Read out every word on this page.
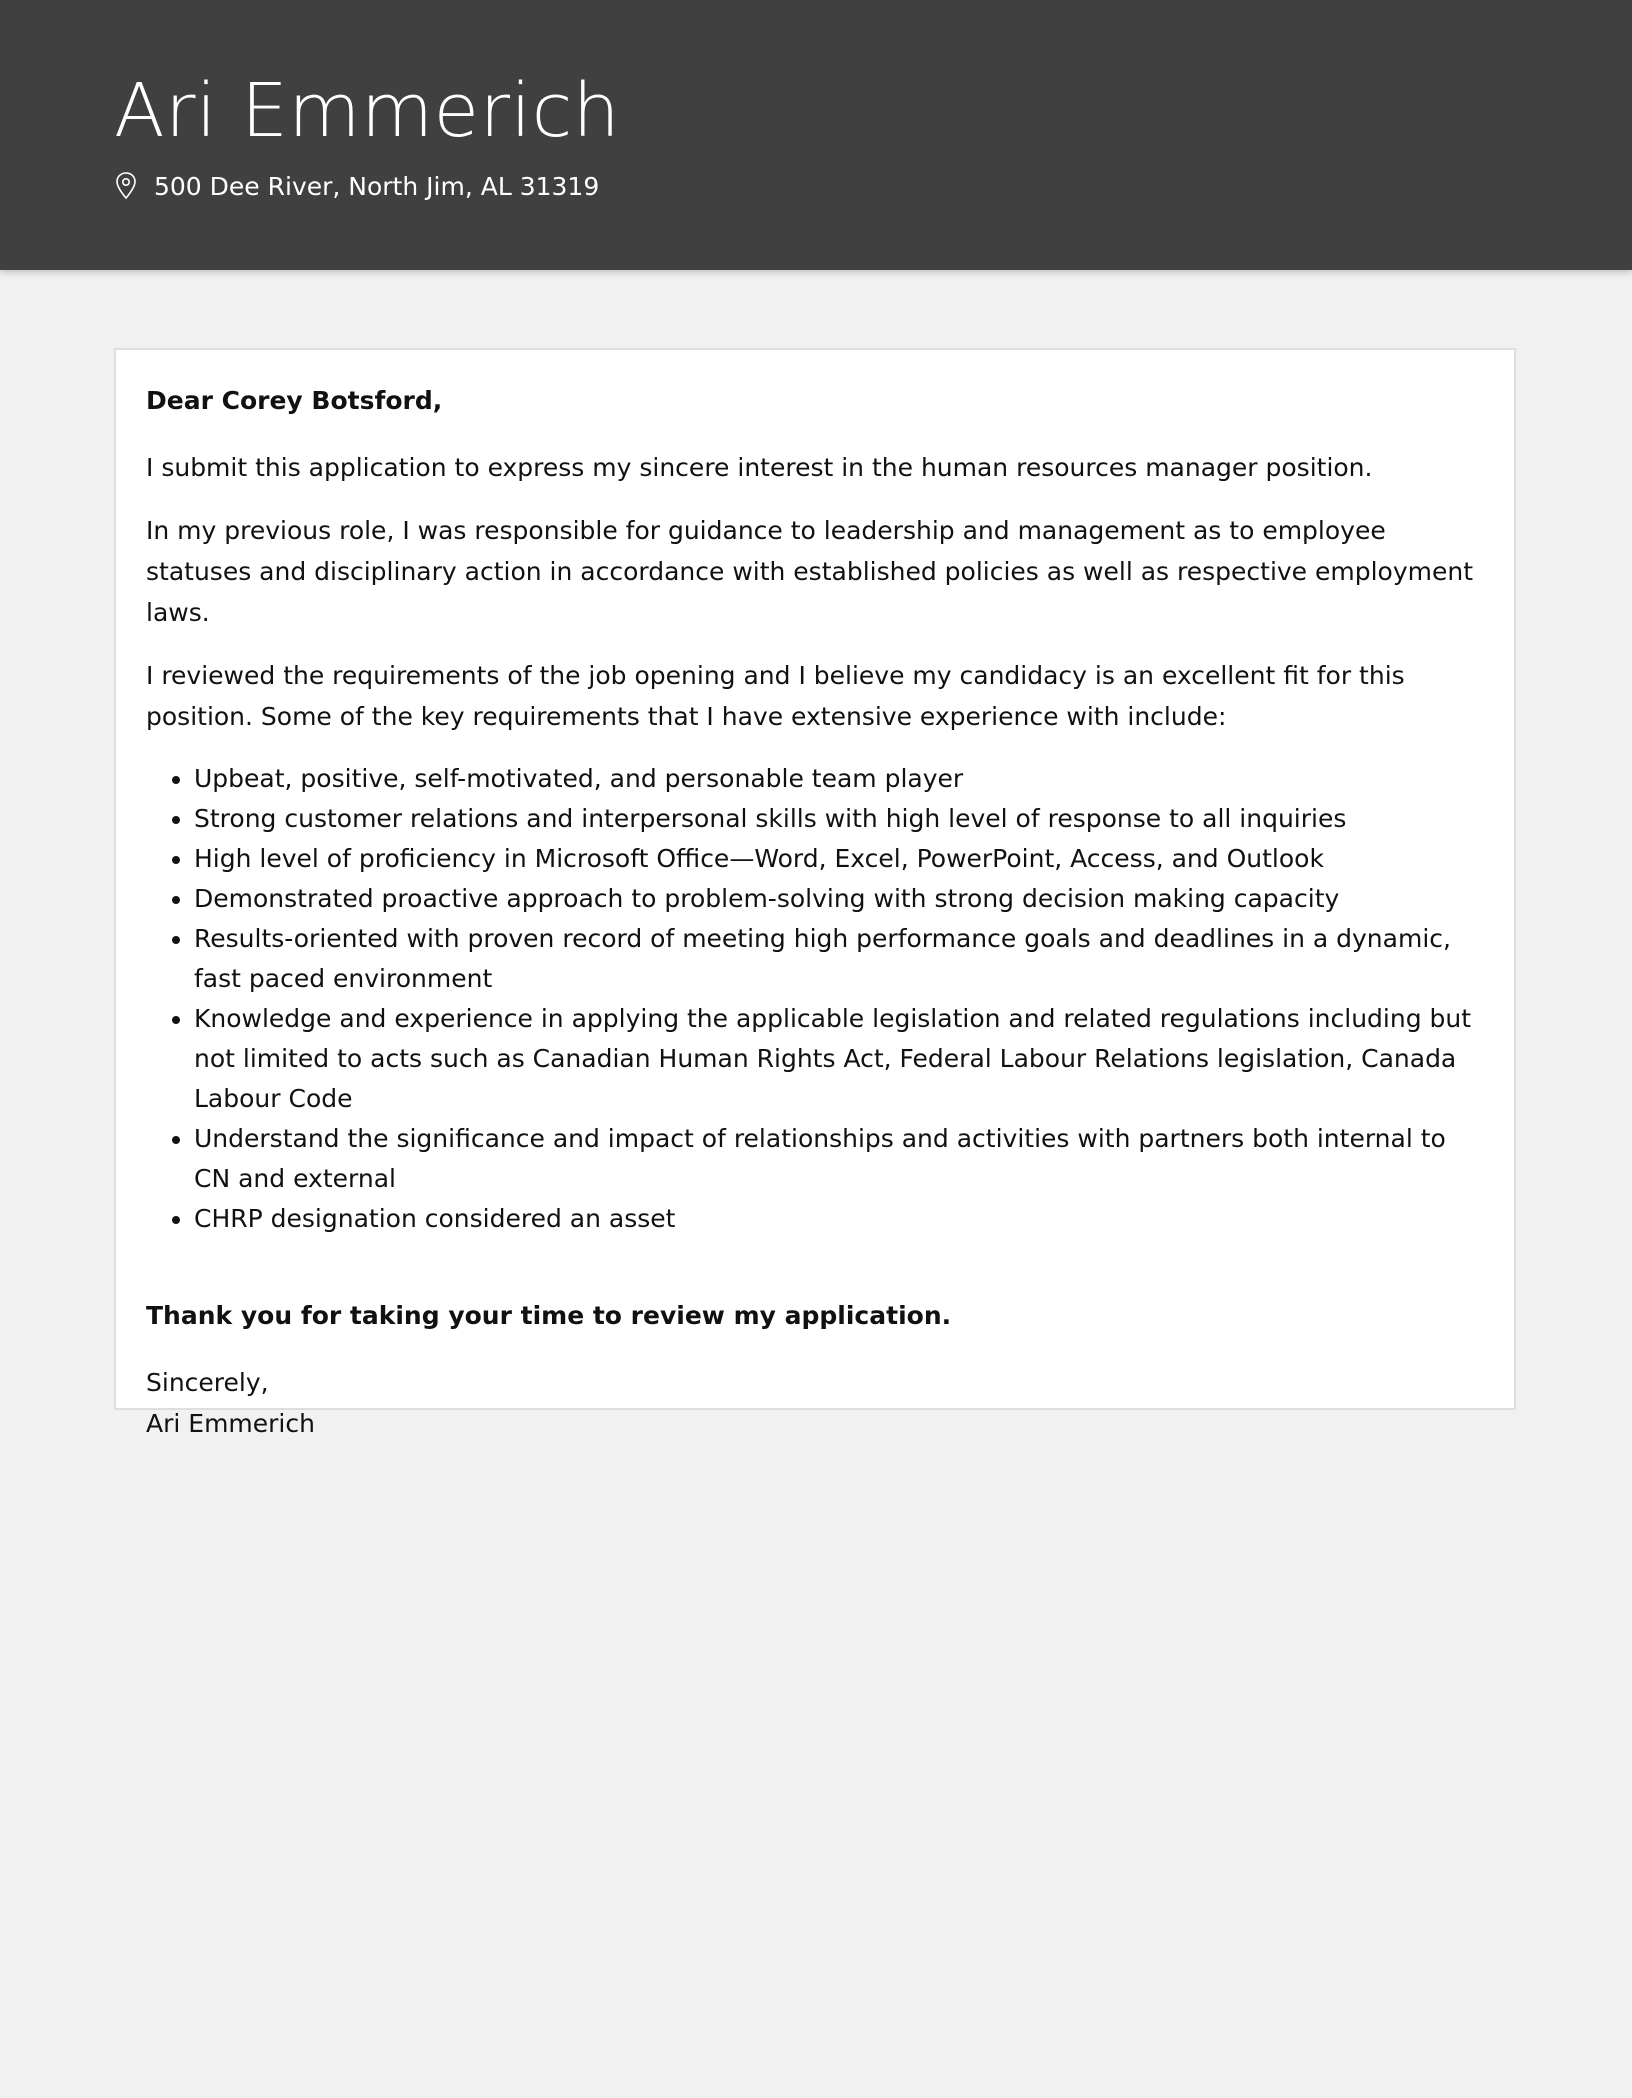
Ari Emmerich
500 Dee River, North Jim, AL 31319

Dear Corey Botsford,

I submit this application to express my sincere interest in the human resources manager position.

In my previous role, I was responsible for guidance to leadership and management as to employee statuses and disciplinary action in accordance with established policies as well as respective employment laws.

I reviewed the requirements of the job opening and I believe my candidacy is an excellent fit for this position. Some of the key requirements that I have extensive experience with include:

• Upbeat, positive, self-motivated, and personable team player
• Strong customer relations and interpersonal skills with high level of response to all inquiries
• High level of proficiency in Microsoft Office—Word, Excel, PowerPoint, Access, and Outlook
• Demonstrated proactive approach to problem-solving with strong decision making capacity
• Results-oriented with proven record of meeting high performance goals and deadlines in a dynamic, fast paced environment
• Knowledge and experience in applying the applicable legislation and related regulations including but not limited to acts such as Canadian Human Rights Act, Federal Labour Relations legislation, Canada Labour Code
• Understand the significance and impact of relationships and activities with partners both internal to CN and external
• CHRP designation considered an asset

Thank you for taking your time to review my application.

Sincerely,

Ari Emmerich
